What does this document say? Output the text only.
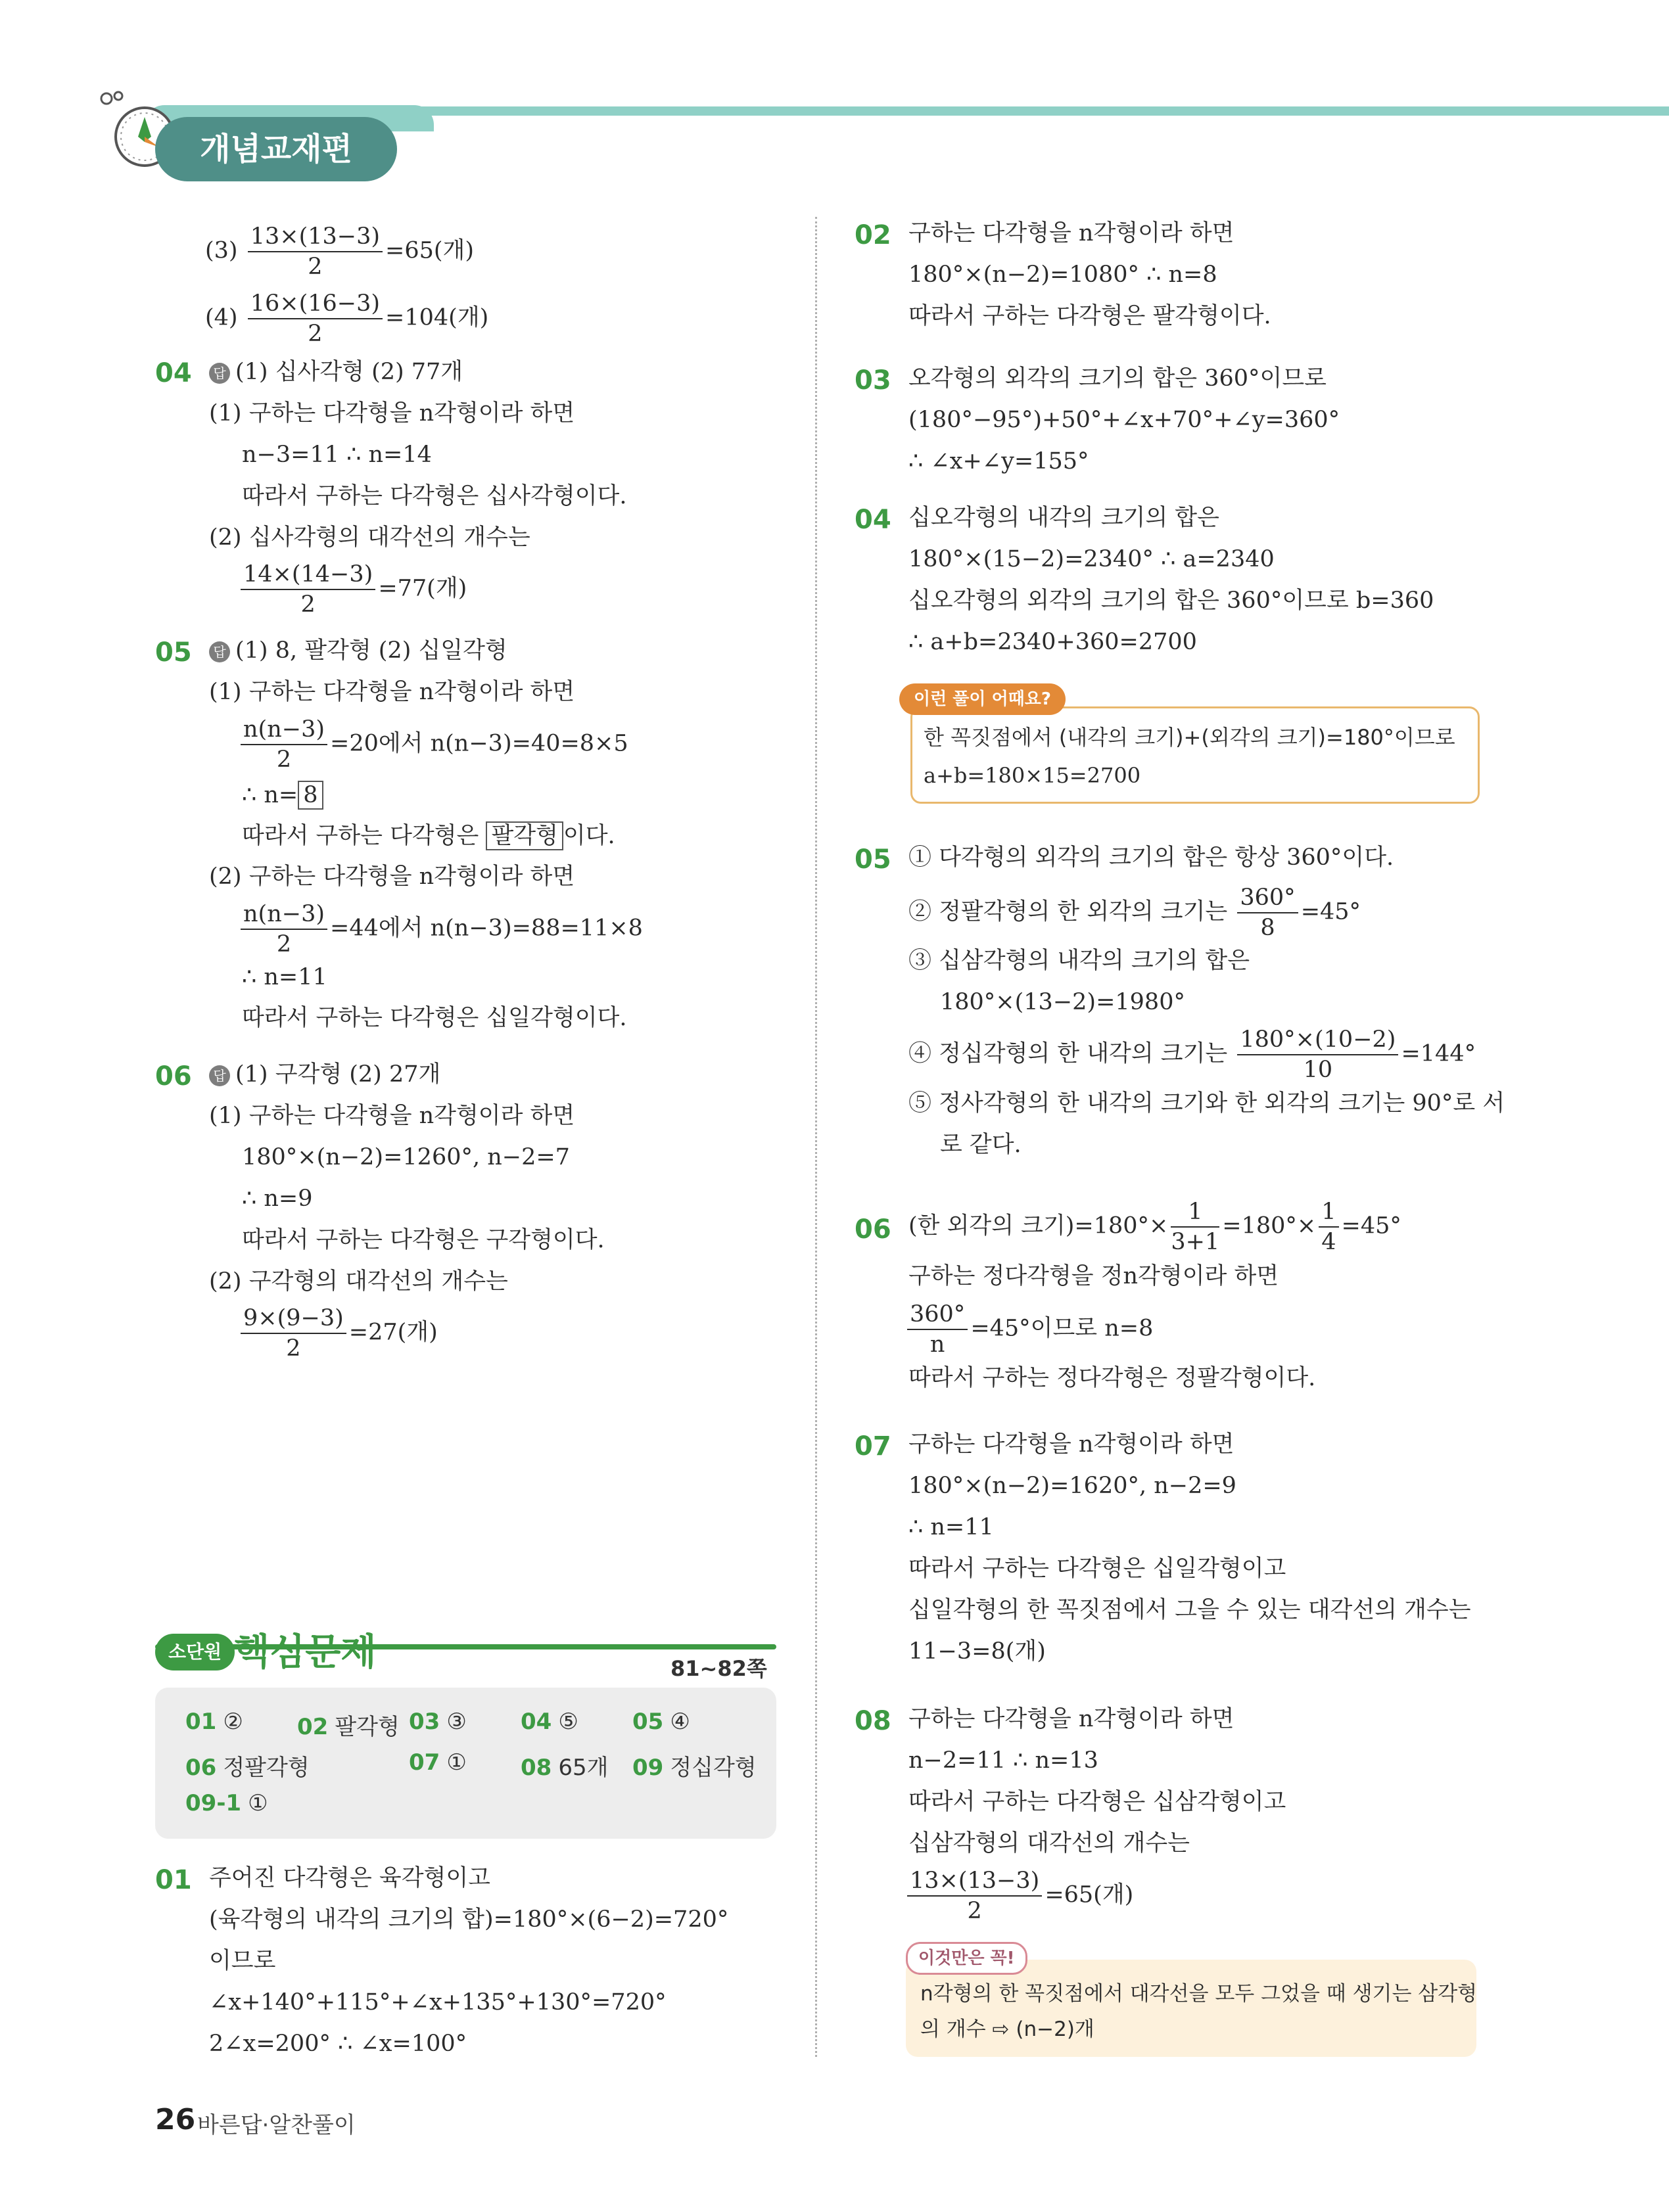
개념교재편
$(3) \frac{13\times(13-3)}{2} =65$(개)
$(4) \frac{16\times(16-3)}{2} =104$(개)
04	답 (1) 십사각형 (2) 77개
(1) 구하는 다각형을 n각형이라 하면
n−3=11 ∴ n=14
따라서 구하는 다각형은 십사각형이다.
(2) 십사각형의 대각선의 개수는
$\frac{14\times(14-3)}{2} =77$(개)
05	답 (1) 8, 팔각형 (2) 십일각형
(1) 구하는 다각형을 n각형이라 하면
$\frac{n(n-3)}{2} =20$에서 n(n−3)=40=8×5
∴ n= 8
따라서 구하는 다각형은 팔각형 이다.
(2) 구하는 다각형을 n각형이라 하면
$\frac{n(n-3)}{2} =44$에서 n(n−3)=88=11×8
∴ n=11
따라서 구하는 다각형은 십일각형이다.
06	답 (1) 구각형 (2) 27개
(1) 구하는 다각형을 n각형이라 하면
180°×(n−2)=1260°, n−2=7
∴ n=9
따라서 구하는 다각형은 구각형이다.
(2) 구각형의 대각선의 개수는
$\frac{9\times(9-3)}{2} =27$(개)
소단원 핵심문제	81~82쪽
01 ② 02 팔각형 03 ③ 04 ⑤ 05 ④
06 정팔각형	07 ① 08 65개 09 정십각형
09-1 ①
01 주어진 다각형은 육각형이고
(육각형의 내각의 크기의 합)=180°×(6−2)=720°
이므로
∠x+140°+115°+∠x+135°+130°=720°
2∠x=200° ∴ ∠x=100°
02 구하는 다각형을 n각형이라 하면
180°×(n−2)=1080° ∴ n=8
따라서 구하는 다각형은 팔각형이다.
03 오각형의 외각의 크기의 합은 360°이므로
(180°−95°)+50°+∠x+70°+∠y=360°
∴ ∠x+∠y=155°
04 십오각형의 내각의 크기의 합은
180°×(15−2)=2340° ∴ a=2340
십오각형의 외각의 크기의 합은 360°이므로 b=360
∴ a+b=2340+360=2700
이런 풀이 어때요?
한 꼭짓점에서 (내각의 크기)+(외각의 크기)=180°이므로
a+b=180×15=2700
05 ① 다각형의 외각의 크기의 합은 항상 360°이다.
② 정팔각형의 한 외각의 크기는 $\frac{360^\circ}{8} =45^\circ$
③ 십삼각형의 내각의 크기의 합은
180°×(13−2)=1980°
④ 정십각형의 한 내각의 크기는 $\frac{180^\circ\times(10-2)}{10} =144^\circ$
⑤ 정사각형의 한 내각의 크기와 한 외각의 크기는 90°로 서
로 같다.
06 (한 외각의 크기)$=180^\circ\times \frac{1}{3+1} =180^\circ\times \frac{1}{4} =45^\circ$
구하는 정다각형을 정n각형이라 하면
$\frac{360^\circ}{n} =45^\circ$이므로 n=8
따라서 구하는 정다각형은 정팔각형이다.
07 구하는 다각형을 n각형이라 하면
180°×(n−2)=1620°, n−2=9
∴ n=11
따라서 구하는 다각형은 십일각형이고
십일각형의 한 꼭짓점에서 그을 수 있는 대각선의 개수는
11−3=8(개)
08 구하는 다각형을 n각형이라 하면
n−2=11 ∴ n=13
따라서 구하는 다각형은 십삼각형이고
십삼각형의 대각선의 개수는
$\frac{13\times(13-3)}{2} =65$(개)
이것만은 꼭!
n각형의 한 꼭짓점에서 대각선을 모두 그었을 때 생기는 삼각형
의 개수 ⇨ (n−2)개
26 바른답·알찬풀이
